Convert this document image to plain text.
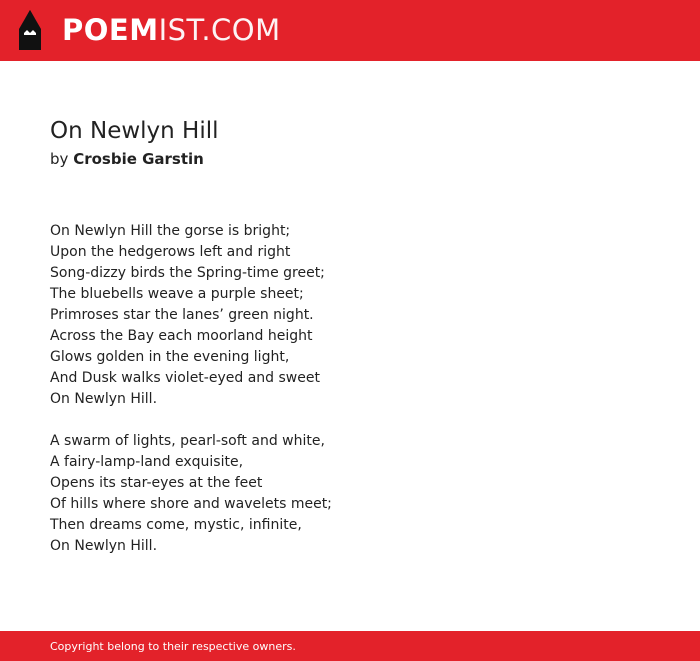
POEMIST.COM
On Newlyn Hill
by Crosbie Garstin
On Newlyn Hill the gorse is bright;
Upon the hedgerows left and right
Song-dizzy birds the Spring-time greet;
The bluebells weave a purple sheet;
Primroses star the lanes’ green night.
Across the Bay each moorland height
Glows golden in the evening light,
And Dusk walks violet-eyed and sweet
On Newlyn Hill.
A swarm of lights, pearl-soft and white,
A fairy-lamp-land exquisite,
Opens its star-eyes at the feet
Of hills where shore and wavelets meet;
Then dreams come, mystic, infinite,
On Newlyn Hill.
Copyright belong to their respective owners.
